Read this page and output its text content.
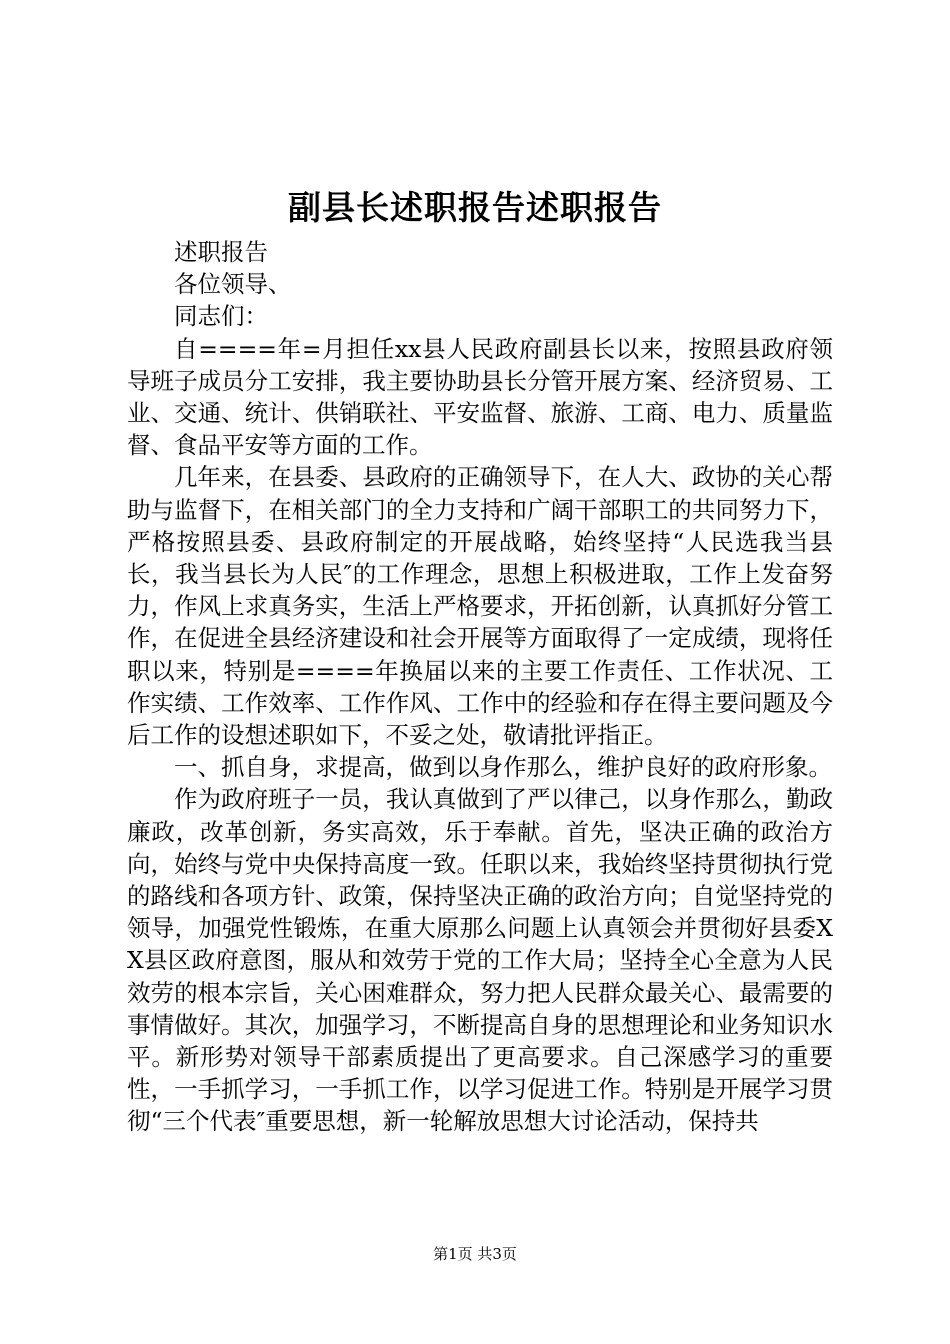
副县长述职报告述职报告

述职报告

各位领导、

同志们：

自====年=月担任xx县人民政府副县长以来，按照县政府领导班子成员分工安排，我主要协助县长分管开展方案、经济贸易、工业、交通、统计、供销联社、平安监督、旅游、工商、电力、质量监督、食品平安等方面的工作。

几年来，在县委、县政府的正确领导下，在人大、政协的关心帮助与监督下，在相关部门的全力支持和广阔干部职工的共同努力下，严格按照县委、县政府制定的开展战略，始终坚持“人民选我当县长，我当县长为人民″的工作理念，思想上积极进取，工作上发奋努力，作风上求真务实，生活上严格要求，开拓创新，认真抓好分管工作，在促进全县经济建设和社会开展等方面取得了一定成绩，现将任职以来，特别是====年换届以来的主要工作责任、工作状况、工作实绩、工作效率、工作作风、工作中的经验和存在得主要问题及今后工作的设想述职如下，不妥之处，敬请批评指正。

一、抓自身，求提高，做到以身作那么，维护良好的政府形象。

作为政府班子一员，我认真做到了严以律己，以身作那么，勤政廉政，改革创新，务实高效，乐于奉献。首先，坚决正确的政治方向，始终与党中央保持高度一致。任职以来，我始终坚持贯彻执行党的路线和各项方针、政策，保持坚决正确的政治方向；自觉坚持党的领导，加强党性锻炼，在重大原那么问题上认真领会并贯彻好县委XX县区政府意图，服从和效劳于党的工作大局；坚持全心全意为人民效劳的根本宗旨，关心困难群众，努力把人民群众最关心、最需要的事情做好。其次，加强学习，不断提高自身的思想理论和业务知识水平。新形势对领导干部素质提出了更高要求。自己深感学习的重要性，一手抓学习，一手抓工作，以学习促进工作。特别是开展学习贯彻“三个代表″重要思想，新一轮解放思想大讨论活动，保持共

第1页 共3页
